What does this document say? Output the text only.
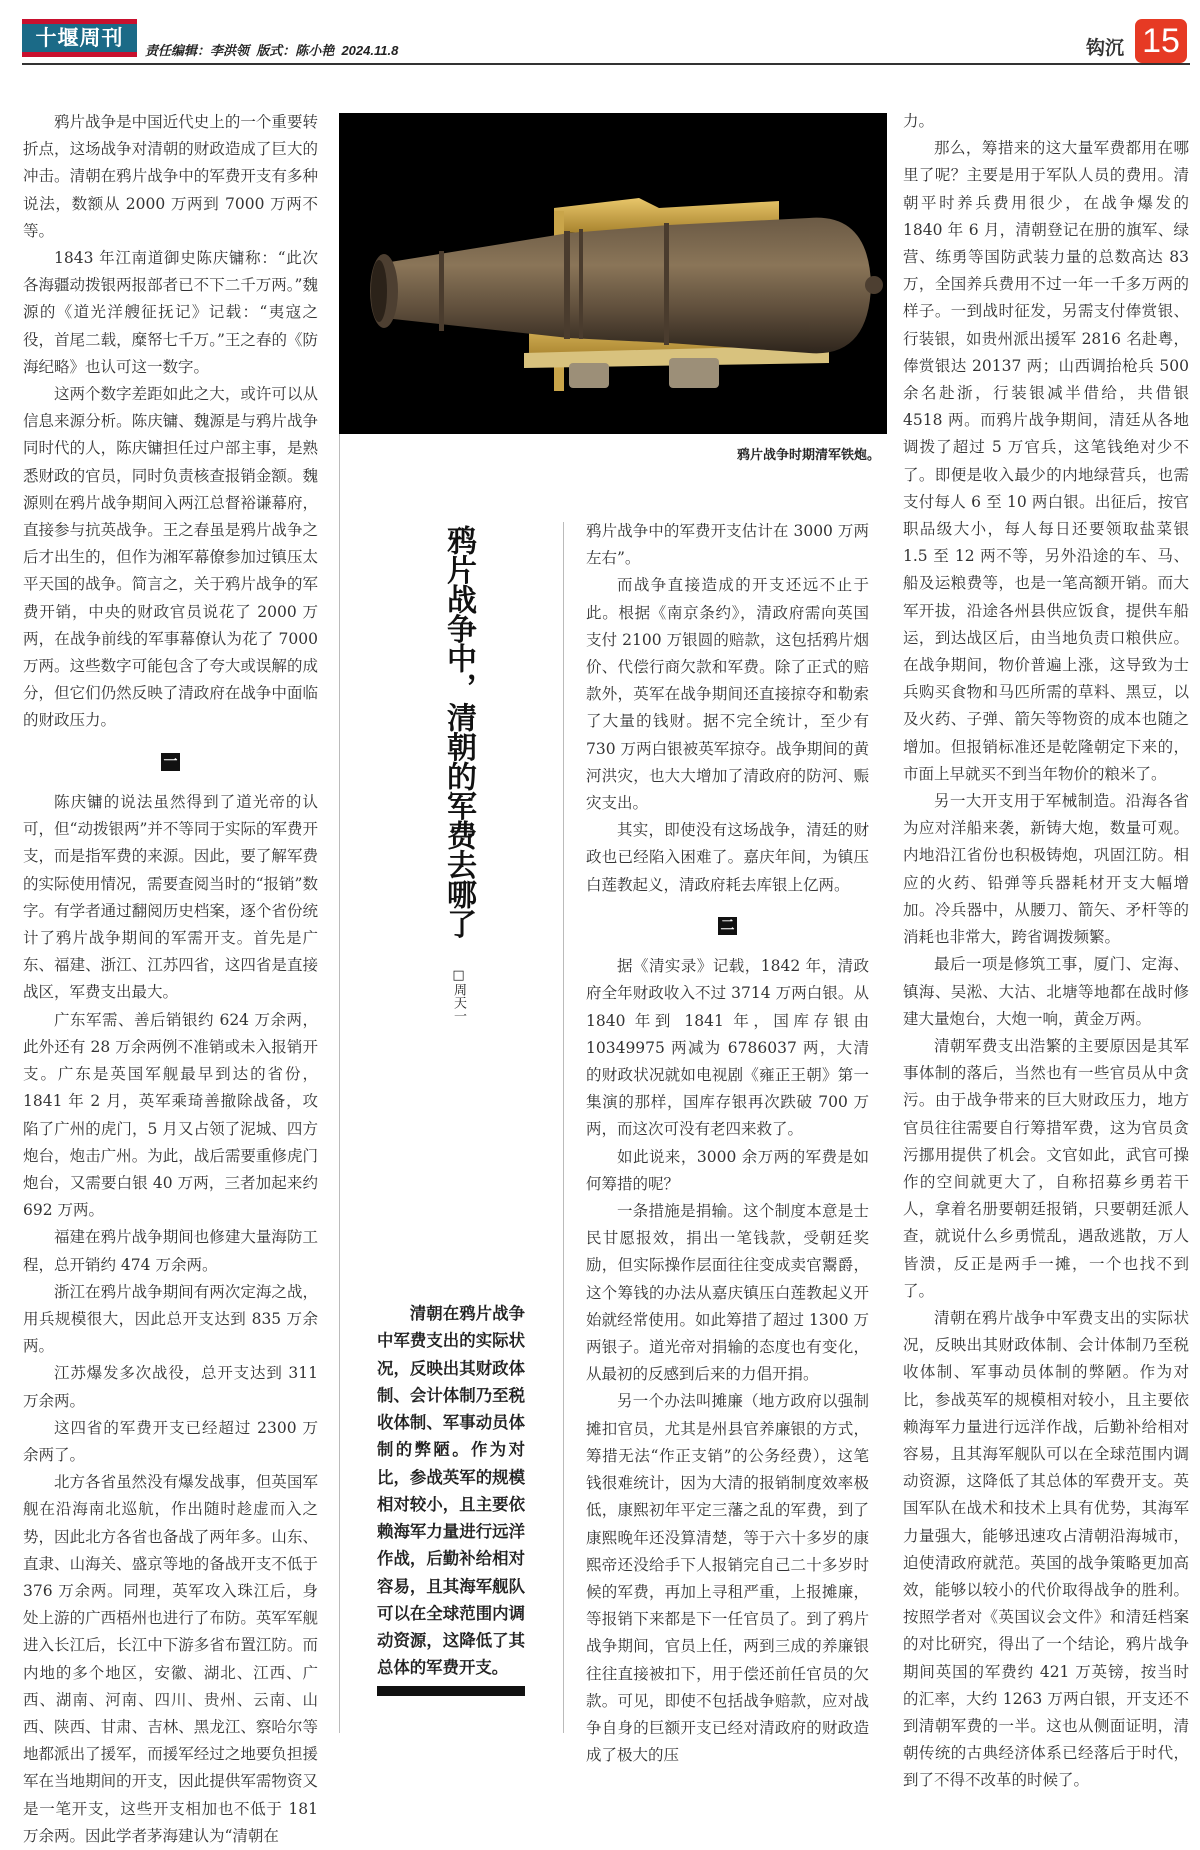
十堰周刊
责任编辑：李洪领  版式：陈小艳  2024.11.8	钩沉 15

鸦片战争是中国近代史上的一个重要转折点，这场战争对清朝的财政造成了巨大的冲击。清朝在鸦片战争中的军费开支有多种说法，数额从 2000 万两到 7000 万两不等。

1843 年江南道御史陈庆镛称：“此次各海疆动拨银两报部者已不下二千万两。”魏源的《道光洋艘征抚记》记载：“夷寇之役，首尾二载，糜帑七千万。”王之春的《防海纪略》也认可这一数字。

这两个数字差距如此之大，或许可以从信息来源分析。陈庆镛、魏源是与鸦片战争同时代的人，陈庆镛担任过户部主事，是熟悉财政的官员，同时负责核查报销金额。魏源则在鸦片战争期间入两江总督裕谦幕府，直接参与抗英战争。王之春虽是鸦片战争之后才出生的，但作为湘军幕僚参加过镇压太平天国的战争。简言之，关于鸦片战争的军费开销，中央的财政官员说花了 2000 万两，在战争前线的军事幕僚认为花了 7000 万两。这些数字可能包含了夸大或误解的成分，但它们仍然反映了清政府在战争中面临的财政压力。

一

陈庆镛的说法虽然得到了道光帝的认可，但“动拨银两”并不等同于实际的军费开支，而是指军费的来源。因此，要了解军费的实际使用情况，需要查阅当时的“报销”数字。有学者通过翻阅历史档案，逐个省份统计了鸦片战争期间的军需开支。首先是广东、福建、浙江、江苏四省，这四省是直接战区，军费支出最大。

广东军需、善后销银约 624 万余两，此外还有 28 万余两例不准销或未入报销开支。广东是英国军舰最早到达的省份，1841 年 2 月，英军乘琦善撤除战备，攻陷了广州的虎门，5 月又占领了泥城、四方炮台，炮击广州。为此，战后需要重修虎门炮台，又需要白银 40 万两，三者加起来约 692 万两。

福建在鸦片战争期间也修建大量海防工程，总开销约 474 万余两。

浙江在鸦片战争期间有两次定海之战，用兵规模很大，因此总开支达到 835 万余两。

江苏爆发多次战役，总开支达到 311 万余两。

这四省的军费开支已经超过 2300 万余两了。

北方各省虽然没有爆发战事，但英国军舰在沿海南北巡航，作出随时趁虚而入之势，因此北方各省也备战了两年多。山东、直隶、山海关、盛京等地的备战开支不低于 376 万余两。同理，英军攻入珠江后，身处上游的广西梧州也进行了布防。英军军舰进入长江后，长江中下游多省布置江防。而内地的多个地区，安徽、湖北、江西、广西、湖南、河南、四川、贵州、云南、山西、陕西、甘肃、吉林、黑龙江、察哈尔等地都派出了援军，而援军经过之地要负担援军在当地期间的开支，因此提供军需物资又是一笔开支，这些开支相加也不低于 181 万余两。因此学者茅海建认为“清朝在

鸦片战争时期清军铁炮。
鸦片战争中，清朝的军费去哪了
□周天一
清朝在鸦片战争中军费支出的实际状况，反映出其财政体制、会计体制乃至税收体制、军事动员体制的弊陋。作为对比，参战英军的规模相对较小，且主要依赖海军力量进行远洋作战，后勤补给相对容易，且其海军舰队可以在全球范围内调动资源，这降低了其总体的军费开支。

鸦片战争中的军费开支估计在 3000 万两左右”。

而战争直接造成的开支还远不止于此。根据《南京条约》，清政府需向英国支付 2100 万银圆的赔款，这包括鸦片烟价、代偿行商欠款和军费。除了正式的赔款外，英军在战争期间还直接掠夺和勒索了大量的钱财。据不完全统计，至少有 730 万两白银被英军掠夺。战争期间的黄河洪灾，也大大增加了清政府的防河、赈灾支出。

其实，即使没有这场战争，清廷的财政也已经陷入困难了。嘉庆年间，为镇压白莲教起义，清政府耗去库银上亿两。

二

据《清实录》记载，1842 年，清政府全年财政收入不过 3714 万两白银。从 1840 年到 1841 年，国库存银由 10349975 两减为 6786037 两，大清的财政状况就如电视剧《雍正王朝》第一集演的那样，国库存银再次跌破 700 万两，而这次可没有老四来救了。

如此说来，3000 余万两的军费是如何筹措的呢？

一条措施是捐输。这个制度本意是士民甘愿报效，捐出一笔钱款，受朝廷奖励，但实际操作层面往往变成卖官鬻爵，这个筹钱的办法从嘉庆镇压白莲教起义开始就经常使用。如此筹措了超过 1300 万两银子。道光帝对捐输的态度也有变化，从最初的反感到后来的力倡开捐。

另一个办法叫摊廉（地方政府以强制摊扣官员，尤其是州县官养廉银的方式，筹措无法“作正支销”的公务经费），这笔钱很难统计，因为大清的报销制度效率极低，康熙初年平定三藩之乱的军费，到了康熙晚年还没算清楚，等于六十多岁的康熙帝还没给手下人报销完自己二十多岁时候的军费，再加上寻租严重，上报摊廉，等报销下来都是下一任官员了。到了鸦片战争期间，官员上任，两到三成的养廉银往往直接被扣下，用于偿还前任官员的欠款。可见，即使不包括战争赔款，应对战争自身的巨额开支已经对清政府的财政造成了极大的压

力。

那么，筹措来的这大量军费都用在哪里了呢？主要是用于军队人员的费用。清朝平时养兵费用很少，在战争爆发的 1840 年 6 月，清朝登记在册的旗军、绿营、练勇等国防武装力量的总数高达 83 万，全国养兵费用不过一年一千多万两的样子。一到战时征发，另需支付俸赏银、行装银，如贵州派出援军 2816 名赴粤，俸赏银达 20137 两；山西调抬枪兵 500 余名赴浙，行装银减半借给，共借银 4518 两。而鸦片战争期间，清廷从各地调拨了超过 5 万官兵，这笔钱绝对少不了。即便是收入最少的内地绿营兵，也需支付每人 6 至 10 两白银。出征后，按官职品级大小，每人每日还要领取盐菜银 1.5 至 12 两不等，另外沿途的车、马、船及运粮费等，也是一笔高额开销。而大军开拔，沿途各州县供应饭食，提供车船运，到达战区后，由当地负责口粮供应。在战争期间，物价普遍上涨，这导致为士兵购买食物和马匹所需的草料、黑豆，以及火药、子弹、箭矢等物资的成本也随之增加。但报销标准还是乾隆朝定下来的，市面上早就买不到当年物价的粮米了。

另一大开支用于军械制造。沿海各省为应对洋船来袭，新铸大炮，数量可观。内地沿江省份也积极铸炮，巩固江防。相应的火药、铅弹等兵器耗材开支大幅增加。冷兵器中，从腰刀、箭矢、矛杆等的消耗也非常大，跨省调拨频繁。

最后一项是修筑工事，厦门、定海、镇海、吴淞、大沽、北塘等地都在战时修建大量炮台，大炮一响，黄金万两。

清朝军费支出浩繁的主要原因是其军事体制的落后，当然也有一些官员从中贪污。由于战争带来的巨大财政压力，地方官员往往需要自行筹措军费，这为官员贪污挪用提供了机会。文官如此，武官可操作的空间就更大了，自称招募乡勇若干人，拿着名册要朝廷报销，只要朝廷派人查，就说什么乡勇慌乱，遇敌逃散，万人皆溃，反正是两手一摊，一个也找不到了。

清朝在鸦片战争中军费支出的实际状况，反映出其财政体制、会计体制乃至税收体制、军事动员体制的弊陋。作为对比，参战英军的规模相对较小，且主要依赖海军力量进行远洋作战，后勤补给相对容易，且其海军舰队可以在全球范围内调动资源，这降低了其总体的军费开支。英国军队在战术和技术上具有优势，其海军力量强大，能够迅速攻占清朝沿海城市，迫使清政府就范。英国的战争策略更加高效，能够以较小的代价取得战争的胜利。按照学者对《英国议会文件》和清廷档案的对比研究，得出了一个结论，鸦片战争期间英国的军费约 421 万英镑，按当时的汇率，大约 1263 万两白银，开支还不到清朝军费的一半。这也从侧面证明，清朝传统的古典经济体系已经落后于时代，到了不得不改革的时候了。
